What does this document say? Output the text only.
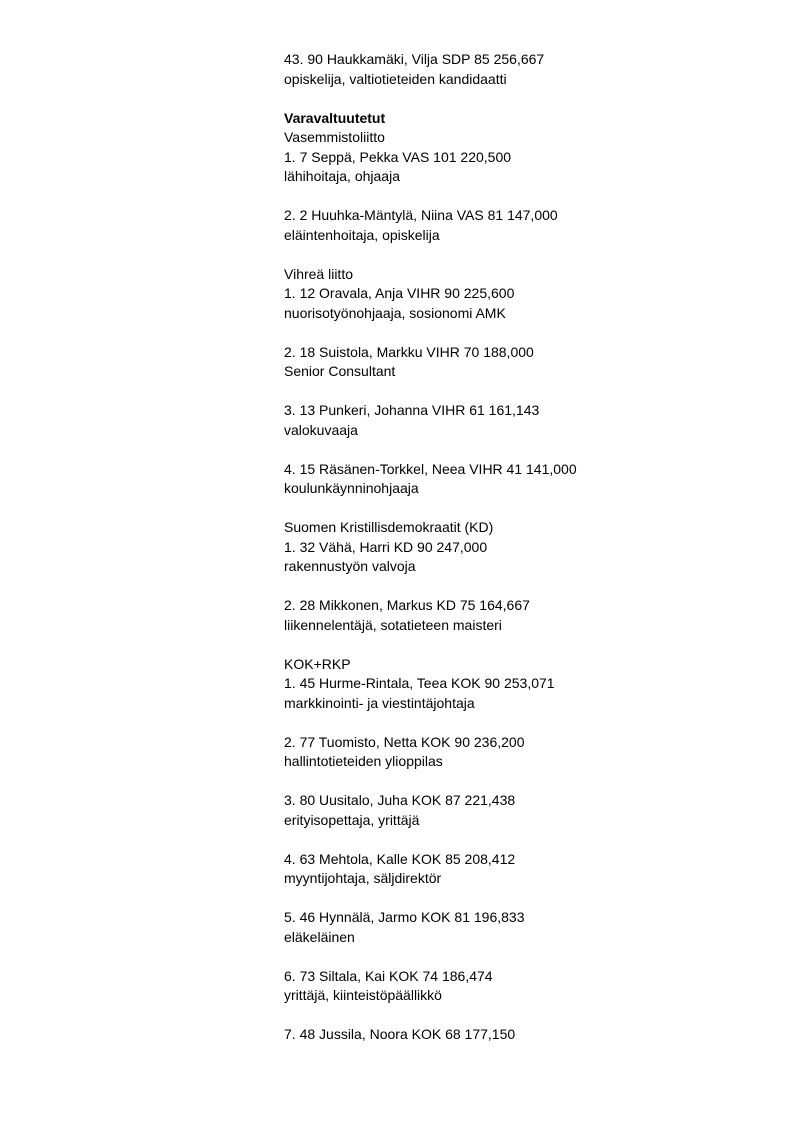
43. 90 Haukkamäki, Vilja SDP 85 256,667
opiskelija, valtiotieteiden kandidaatti
Varavaltuutetut
Vasemmistoliitto
1. 7 Seppä, Pekka VAS 101 220,500
lähihoitaja, ohjaaja
2. 2 Huuhka-Mäntylä, Niina VAS 81 147,000
eläintenhoitaja, opiskelija
Vihreä liitto
1. 12 Oravala, Anja VIHR 90 225,600
nuorisotyönohjaaja, sosionomi AMK
2. 18 Suistola, Markku VIHR 70 188,000
Senior Consultant
3. 13 Punkeri, Johanna VIHR 61 161,143
valokuvaaja
4. 15 Räsänen-Torkkel, Neea VIHR 41 141,000
koulunkäynninohjaaja
Suomen Kristillisdemokraatit (KD)
1. 32 Vähä, Harri KD 90 247,000
rakennustyön valvoja
2. 28 Mikkonen, Markus KD 75 164,667
liikennelentäjä, sotatieteen maisteri
KOK+RKP
1. 45 Hurme-Rintala, Teea KOK 90 253,071
markkinointi- ja viestintäjohtaja
2. 77 Tuomisto, Netta KOK 90 236,200
hallintotieteiden ylioppilas
3. 80 Uusitalo, Juha KOK 87 221,438
erityisopettaja, yrittäjä
4. 63 Mehtola, Kalle KOK 85 208,412
myyntijohtaja, säljdirektör
5. 46 Hynnälä, Jarmo KOK 81 196,833
eläkeläinen
6. 73 Siltala, Kai KOK 74 186,474
yrittäjä, kiinteistöpäällikkö
7. 48 Jussila, Noora KOK 68 177,150
